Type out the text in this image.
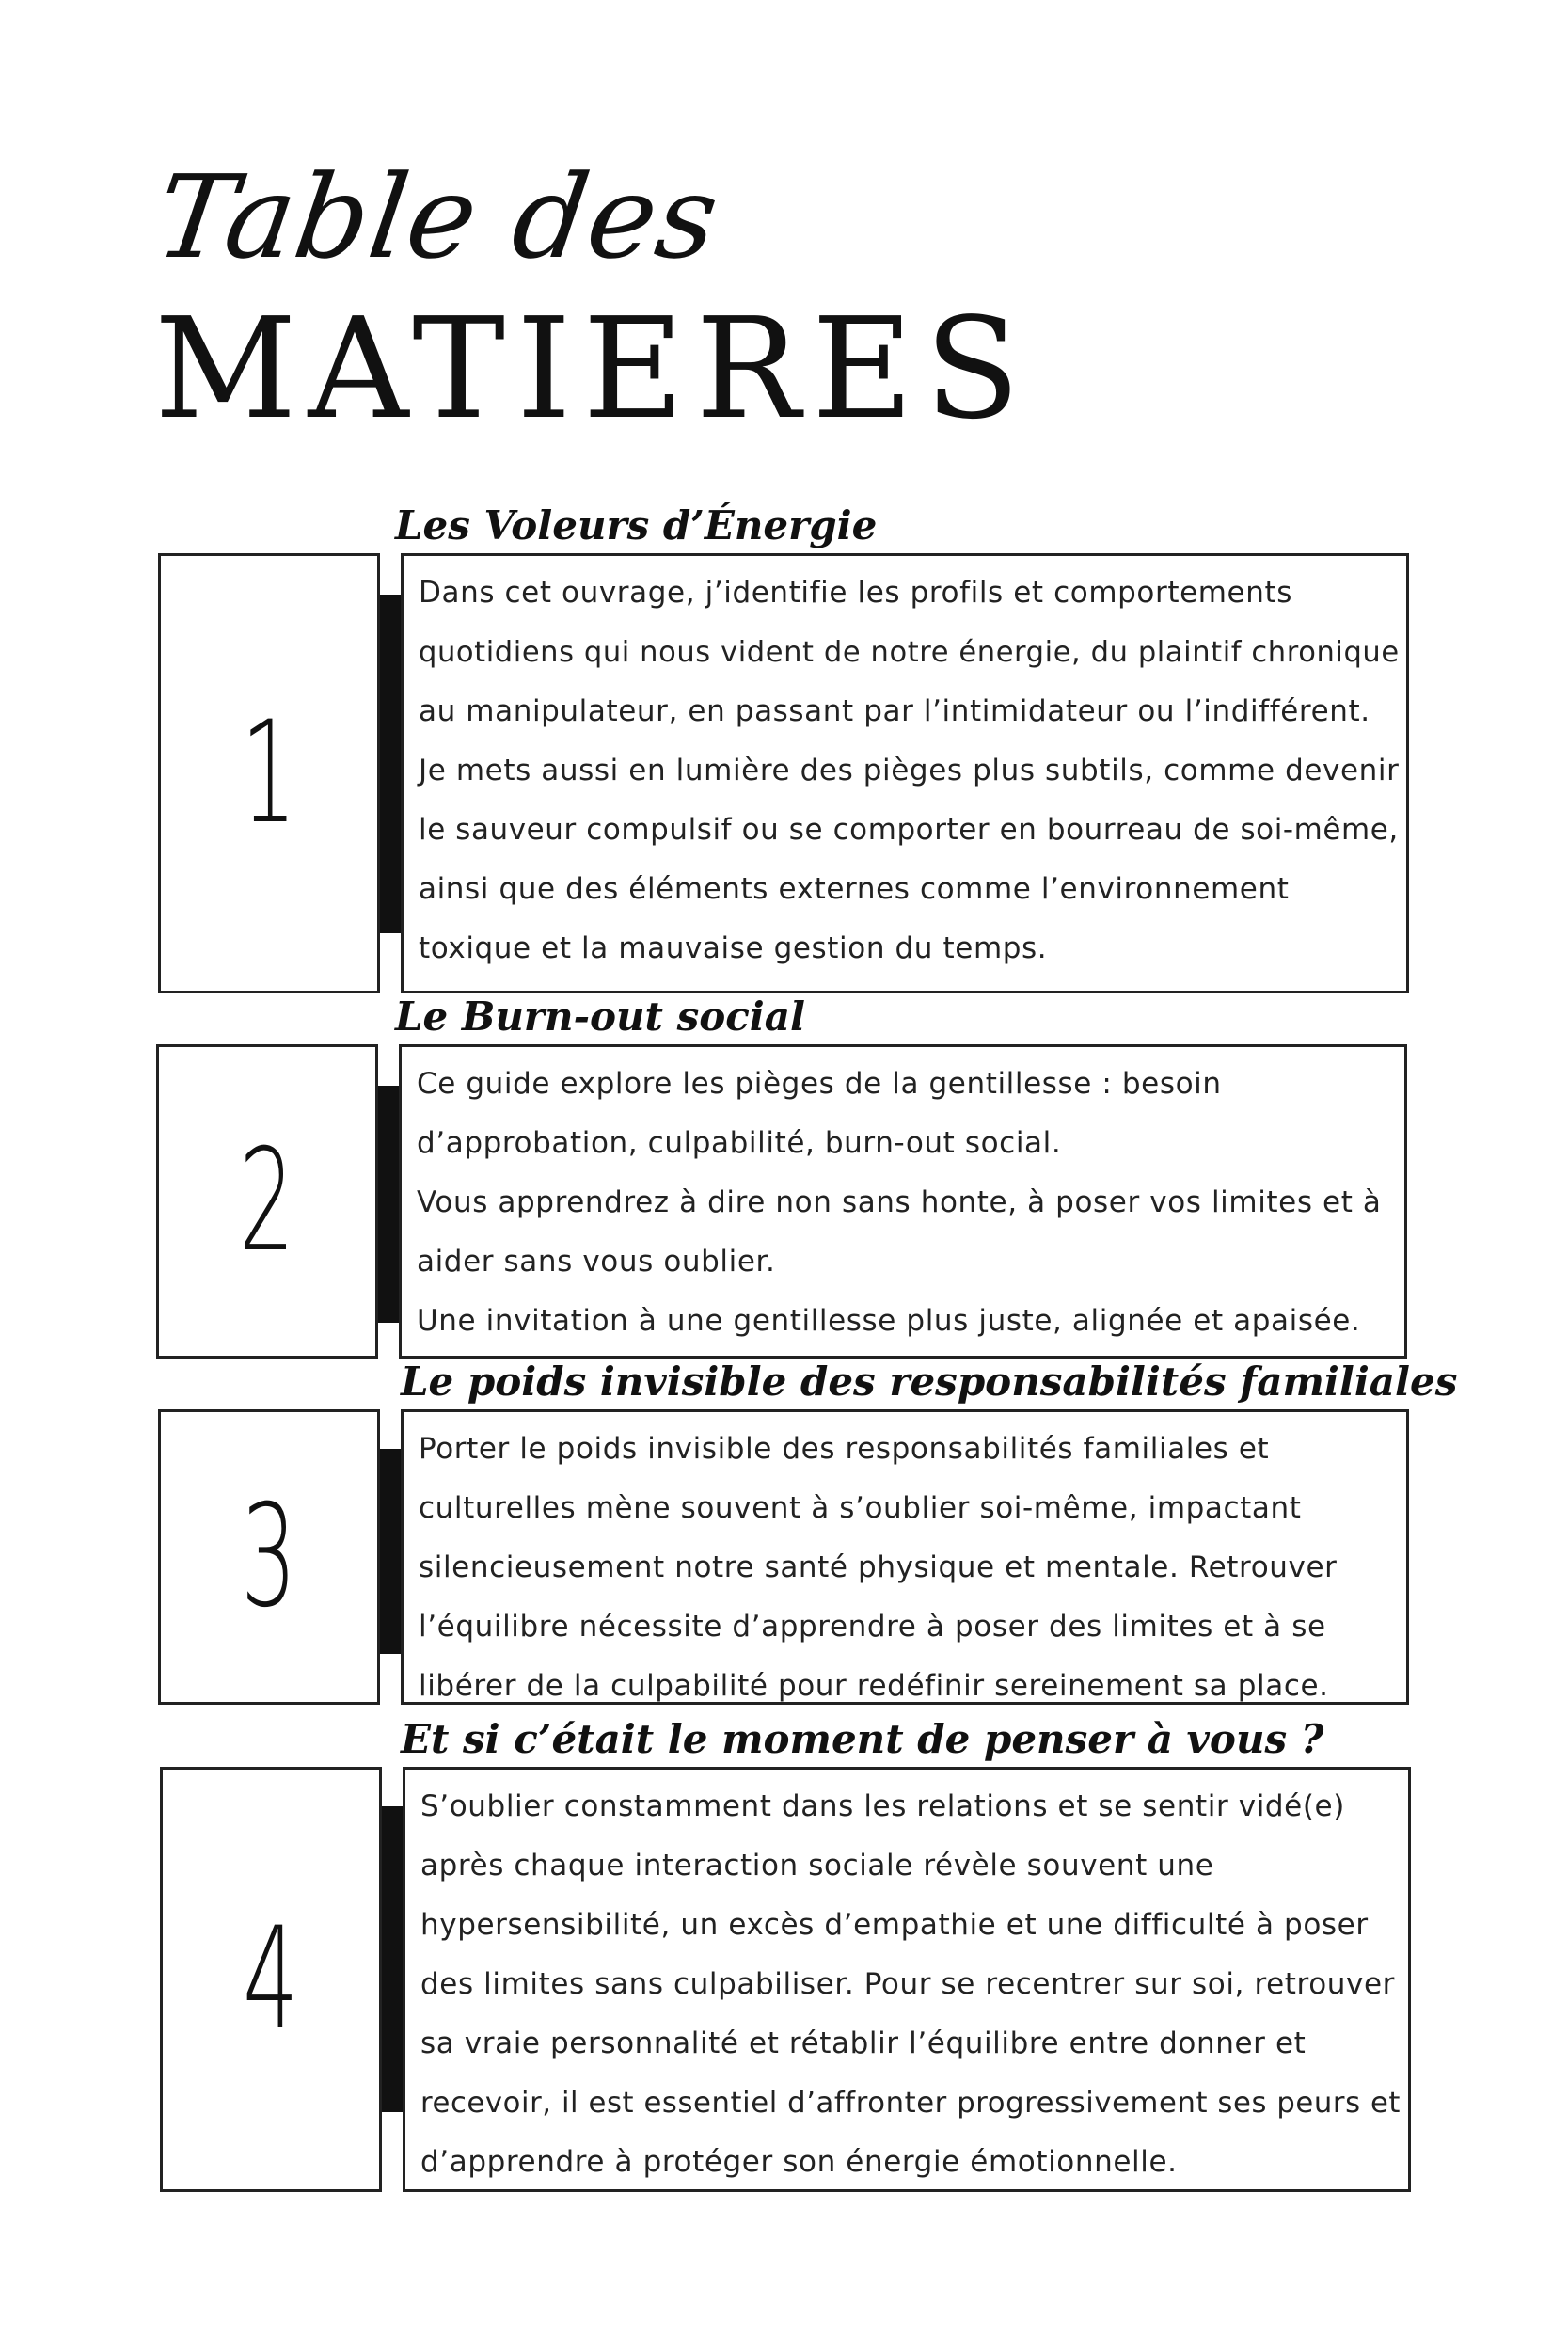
Table des
MATIERES
Les Voleurs d’Énergie
1

Dans cet ouvrage, j’identifie les profils et comportements

quotidiens qui nous vident de notre énergie, du plaintif chronique

au manipulateur, en passant par l’intimidateur ou l’indifférent.

Je mets aussi en lumière des pièges plus subtils, comme devenir

le sauveur compulsif ou se comporter en bourreau de soi-même,

ainsi que des éléments externes comme l’environnement

toxique et la mauvaise gestion du temps.

Le Burn-out social
2

Ce guide explore les pièges de la gentillesse : besoin

d’approbation, culpabilité, burn-out social.

Vous apprendrez à dire non sans honte, à poser vos limites et à

aider sans vous oublier.

Une invitation à une gentillesse plus juste, alignée et apaisée.

Le poids invisible des responsabilités familiales
3

Porter le poids invisible des responsabilités familiales et

culturelles mène souvent à s’oublier soi-même, impactant

silencieusement notre santé physique et mentale. Retrouver

l’équilibre nécessite d’apprendre à poser des limites et à se

libérer de la culpabilité pour redéfinir sereinement sa place.

Et si c’était le moment de penser à vous ?
4

S’oublier constamment dans les relations et se sentir vidé(e)

après chaque interaction sociale révèle souvent une

hypersensibilité, un excès d’empathie et une difficulté à poser

des limites sans culpabiliser. Pour se recentrer sur soi, retrouver

sa vraie personnalité et rétablir l’équilibre entre donner et

recevoir, il est essentiel d’affronter progressivement ses peurs et

d’apprendre à protéger son énergie émotionnelle.
